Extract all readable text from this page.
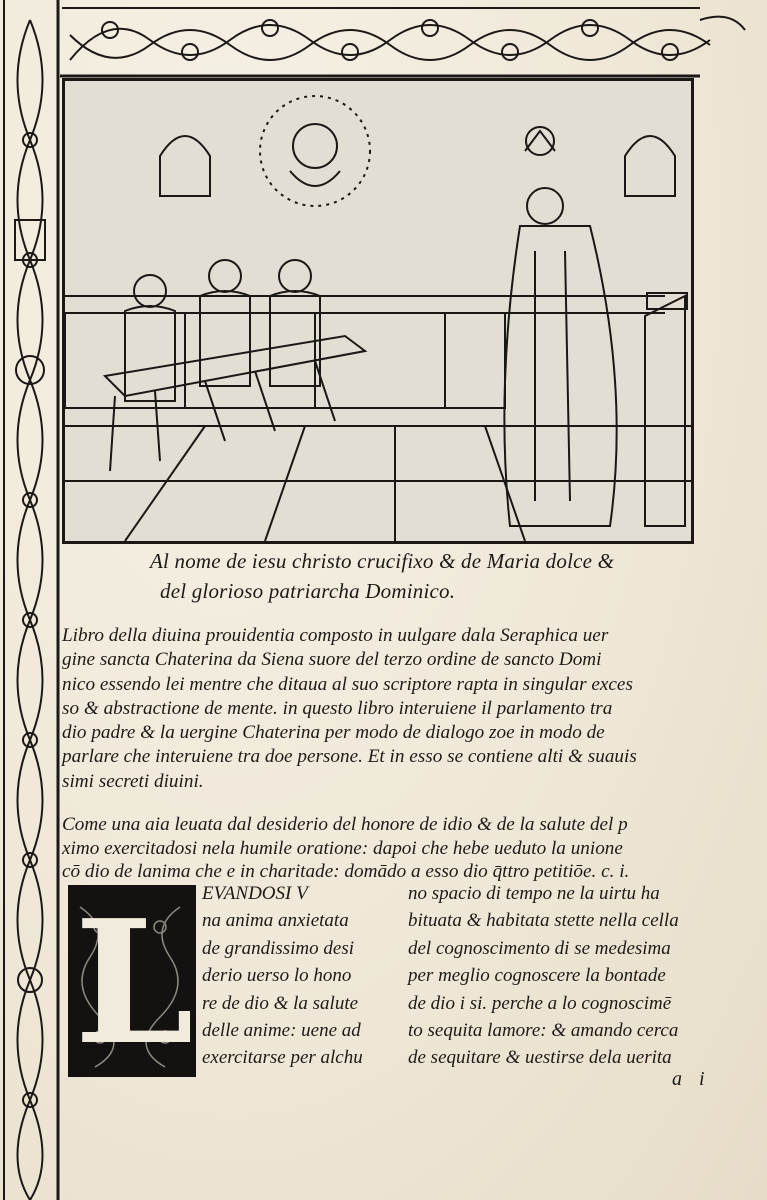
Al nome de iesu christo crucifixo & de Maria dolce &
del glorioso patriarcha Dominico.
Libro della diuina prouidentia composto in uulgare dala Seraphica uer
gine sancta Chaterina da Siena suore del terzo ordine de sancto Domi
nico essendo lei mentre che ditaua al suo scriptore rapta in singular exces
so & abstractione de mente. in questo libro interuiene il parlamento tra
dio padre & la uergine Chaterina per modo de dialogo zoe in modo de
parlare che interuiene tra doe persone. Et in esso se contiene alti & suauis
simi secreti diuini.
Come una aia leuata dal desiderio del honore de idio & de la salute del p
ximo exercitadosi nela humile oratione: dapoi che hebe ueduto la unione
cō dio de lanima che e in charitade: domādo a esso dio q̄ttro petitiōe. c. i.
L EVANDOSI V
na anima anxietata
de grandissimo desi
derio uerso lo hono
re de dio & la salute
delle anime: uene ad
exercitarse per alchu
no spacio di tempo ne la uirtu ha
bituata & habitata stette nella cella
del cognoscimento di se medesima
per meglio cognoscere la bontade
de dio i si. perche a lo cognoscimē
to sequita lamore: & amando cerca
de sequitare & uestirse dela uerita
a i
